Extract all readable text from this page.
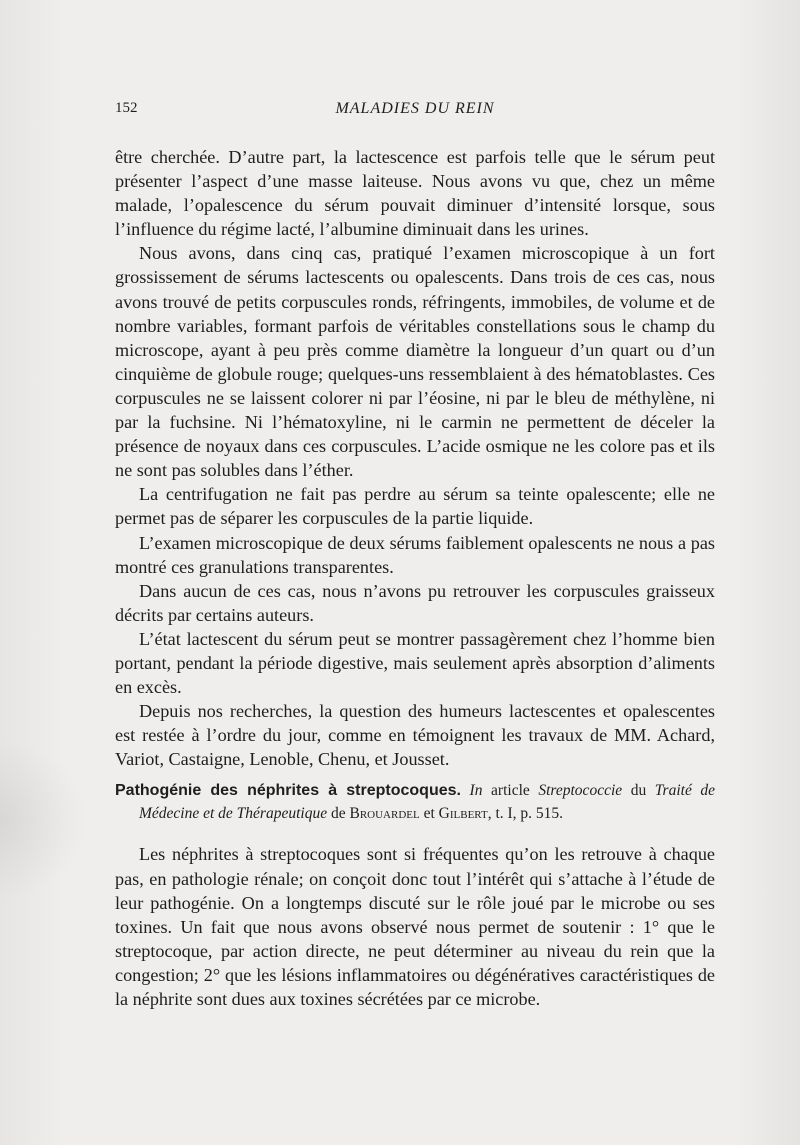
152	MALADIES DU REIN

être cherchée. D’autre part, la lactescence est parfois telle que le sérum peut présenter l’aspect d’une masse laiteuse. Nous avons vu que, chez un même malade, l’opalescence du sérum pouvait diminuer d’intensité lorsque, sous l’influence du régime lacté, l’albumine diminuait dans les urines.

Nous avons, dans cinq cas, pratiqué l’examen microscopique à un fort grossissement de sérums lactescents ou opalescents. Dans trois de ces cas, nous avons trouvé de petits corpuscules ronds, réfringents, immobiles, de volume et de nombre variables, formant parfois de véritables constellations sous le champ du microscope, ayant à peu près comme diamètre la longueur d’un quart ou d’un cinquième de globule rouge; quelques-uns ressemblaient à des hématoblastes. Ces corpuscules ne se laissent colorer ni par l’éosine, ni par le bleu de méthylène, ni par la fuchsine. Ni l’hématoxyline, ni le carmin ne permettent de déceler la présence de noyaux dans ces corpuscules. L’acide osmique ne les colore pas et ils ne sont pas solubles dans l’éther.

La centrifugation ne fait pas perdre au sérum sa teinte opalescente; elle ne permet pas de séparer les corpuscules de la partie liquide.

L’examen microscopique de deux sérums faiblement opalescents ne nous a pas montré ces granulations transparentes.

Dans aucun de ces cas, nous n’avons pu retrouver les corpuscules graisseux décrits par certains auteurs.

L’état lactescent du sérum peut se montrer passagèrement chez l’homme bien portant, pendant la période digestive, mais seulement après absorption d’aliments en excès.

Depuis nos recherches, la question des humeurs lactescentes et opalescentes est restée à l’ordre du jour, comme en témoignent les travaux de MM. Achard, Variot, Castaigne, Lenoble, Chenu, et Jousset.

Pathogénie des néphrites à streptocoques. In article Streptococcie du Traité de Médecine et de Thérapeutique de Brouardel et Gilbert, t. I, p. 515.

Les néphrites à streptocoques sont si fréquentes qu’on les retrouve à chaque pas, en pathologie rénale; on conçoit donc tout l’intérêt qui s’attache à l’étude de leur pathogénie. On a longtemps discuté sur le rôle joué par le microbe ou ses toxines. Un fait que nous avons observé nous permet de soutenir : 1° que le streptocoque, par action directe, ne peut déterminer au niveau du rein que la congestion; 2° que les lésions inflammatoires ou dégénératives caractéristiques de la néphrite sont dues aux toxines sécrétées par ce microbe.
